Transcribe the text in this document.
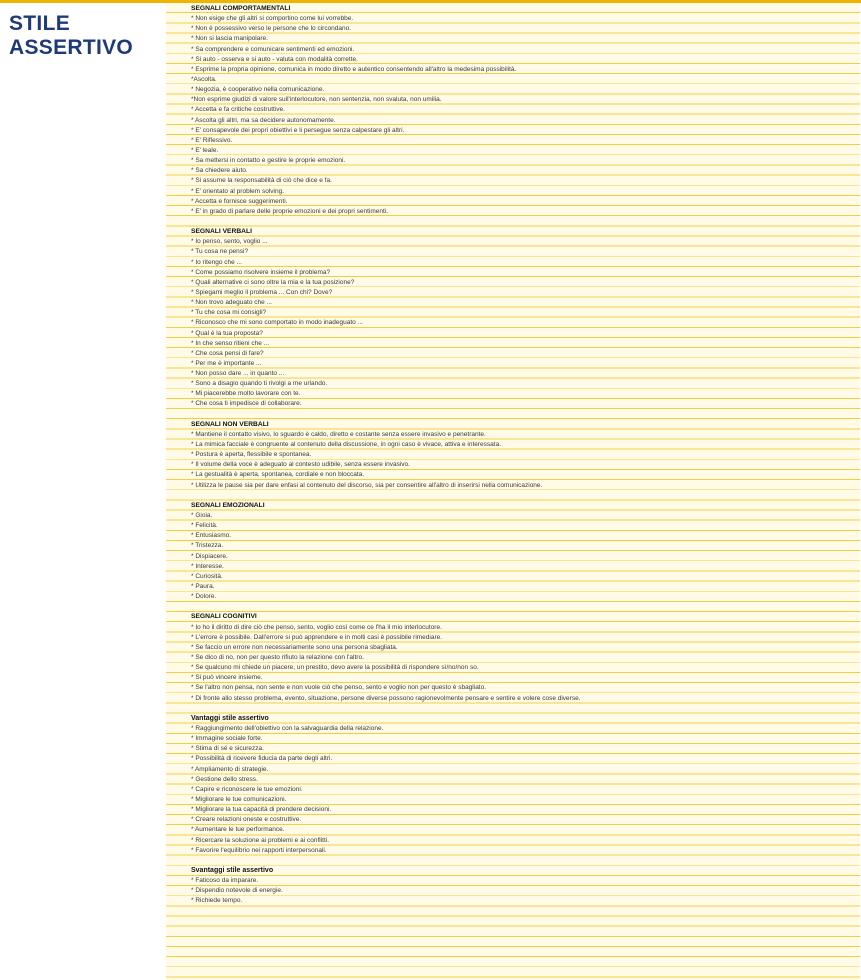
STILE
ASSERTIVO
SEGNALI COMPORTAMENTALI
* Non esige che gli altri si comportino come lui vorrebbe.
* Non è possessivo verso le persone che lo circondano.
* Non si lascia manipolare.
* Sa comprendere e comunicare sentimenti ed emozioni.
* Si auto - osserva e si auto - valuta con modalità corrette.
* Esprime la propria opinione, comunica in modo diretto e autentico consentendo all'altro la medesima possibilità.
*Ascolta.
* Negozia, è cooperativo nella comunicazione.
*Non esprime giudizi di valore sull'interlocutore, non sentenzia, non svaluta, non umilia.
* Accetta e fa critiche costruttive.
* Ascolta gli altri, ma sa decidere autonomamente.
* E' consapevole dei propri obiettivi e li persegue senza calpestare gli altri.
* E' Riflessivo.
* E' leale.
* Sa mettersi in contatto e gestire le proprie emozioni.
* Sa chiedere aiuto.
* Si assume la responsabilità di ciò che dice e fa.
* E' orientato al problem solving.
* Accetta e fornisce suggerimenti.
* E' in grado di parlare delle proprie emozioni e dei propri sentimenti.
SEGNALI VERBALI
* Io penso, sento, voglio ...
* Tu cosa ne pensi?
* Io ritengo che ...
* Come possiamo risolvere insieme il problema?
* Quali alternative ci sono oltre la mia e la tua posizione?
* Spiegami meglio il problema ... Con chi? Dove?
* Non trovo adeguato che ...
* Tu che cosa mi consigli?
* Riconosco che mi sono comportato in modo inadeguato ...
* Qual è la tua proposta?
* In che senso ritieni che ...
* Che cosa pensi di fare?
* Per me è importante ...
* Non posso dare ... in quanto ...
* Sono a disagio quando ti rivolgi a me urlando.
* Mi piacerebbe molto lavorare con te.
* Che cosa ti impedisce di collaborare.
SEGNALI NON VERBALI
* Mantiene il contatto visivo, lo sguardo è caldo, diretto e costante senza essere invasivo e penetrante.
* La mimica facciale è congruente al contenuto della discussione, in ogni caso è vivace, attiva e interessata.
* Postura è aperta, flessibile e spontanea.
* Il volume della voce è adeguato al contesto udibile, senza essere invasivo.
* La gestualità è aperta, spontanea, cordiale e non bloccata.
* Utilizza le pause sia per dare enfasi al contenuto del discorso, sia per consentire all'altro di inserirsi nella comunicazione.
SEGNALI EMOZIONALI
* Gioia.
* Felicità.
* Entusiasmo.
* Tristezza.
* Dispiacere.
* Interesse.
* Curiosità.
* Paura.
* Dolore.
SEGNALI COGNITIVI
* Io ho il diritto di dire ciò che penso, sento, voglio così come ce l'ha il mio interlocutore.
* L'errore è possibile. Dall'errore si può apprendere e in molti casi è possibile rimediare.
* Se faccio un errore non necessariamente sono una persona sbagliata.
* Se dico di no, non per questo rifiuto la relazione con l'altro.
* Se qualcuno mi chiede un piacere, un prestito, devo avere la possibilità di rispondere sì/no/non so.
* Si può vincere insieme.
* Se l'altro non pensa, non sente e non vuole ciò che penso, sento e voglio non per questo è sbagliato.
* Di fronte allo stesso problema, evento, situazione, persone diverse possono ragionevolmente pensare e sentire e volere cose diverse.
Vantaggi stile assertivo
* Raggiungimento dell'obiettivo con la salvaguardia della relazione.
* Immagine sociale forte.
* Stima di sé e sicurezza.
* Possibilità di ricevere fiducia da parte degli altri.
* Ampliamento di strategie.
* Gestione dello stress.
* Capire e riconoscere le tue emozioni.
* Migliorare le tue comunicazioni.
* Migliorare la tua capacità di prendere decisioni.
* Creare relazioni oneste e costruttive.
* Aumentare le tue performance.
* Ricercare la soluzione ai problemi e ai conflitti.
* Favorire l'equilibrio nei rapporti interpersonali.
Svantaggi stile assertivo
* Faticoso da imparare.
* Dispendio notevole di energie.
* Richiede tempo.
